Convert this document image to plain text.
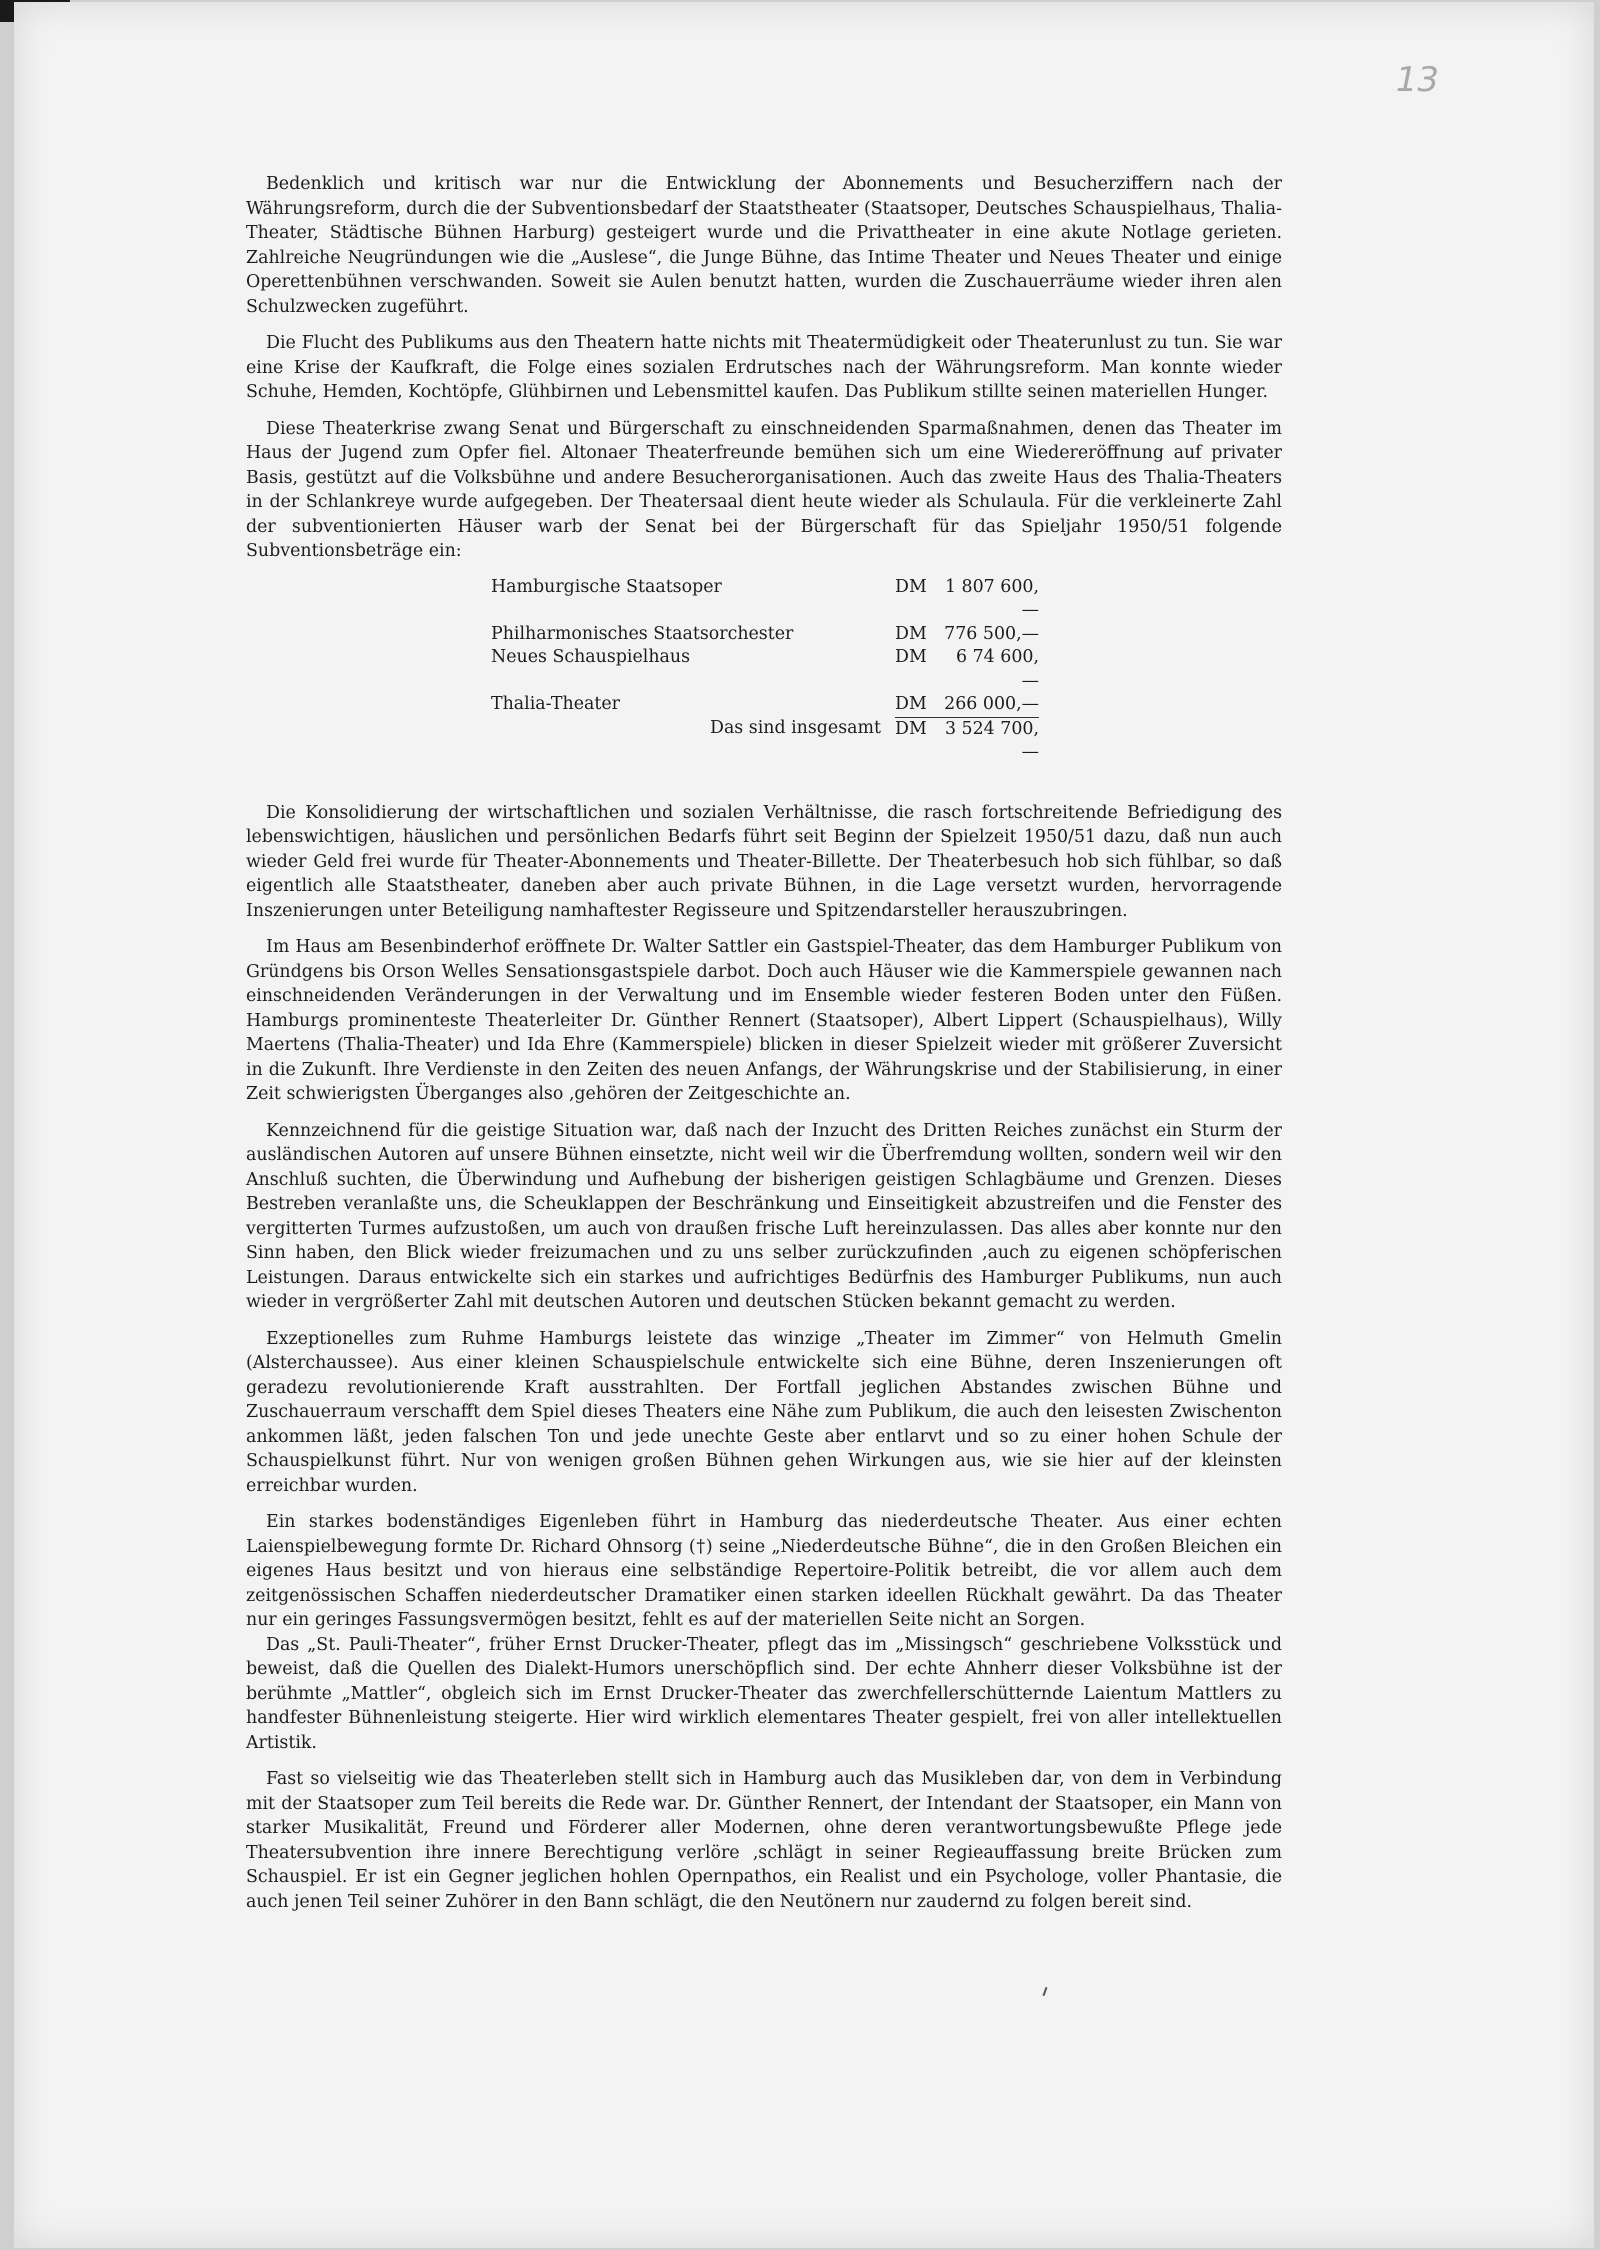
13

Bedenklich und kritisch war nur die Entwicklung der Abonnements und Besucherziffern nach der Währungsreform, durch die der Subventionsbedarf der Staatstheater (Staatsoper, Deutsches Schauspielhaus, Thalia-Theater, Städtische Bühnen Harburg) gesteigert wurde und die Privattheater in eine akute Notlage gerieten. Zahlreiche Neugründungen wie die „Auslese“, die Junge Bühne, das Intime Theater und Neues Theater und einige Operettenbühnen verschwanden. Soweit sie Aulen benutzt hatten, wurden die Zuschauerräume wieder ihren alen Schulzwecken zugeführt.

Die Flucht des Publikums aus den Theatern hatte nichts mit Theatermüdigkeit oder Theaterunlust zu tun. Sie war eine Krise der Kaufkraft, die Folge eines sozialen Erdrutsches nach der Währungsreform. Man konnte wieder Schuhe, Hemden, Kochtöpfe, Glühbirnen und Lebensmittel kaufen. Das Publikum stillte seinen materiellen Hunger.

Diese Theaterkrise zwang Senat und Bürgerschaft zu einschneidenden Sparmaßnahmen, denen das Theater im Haus der Jugend zum Opfer fiel. Altonaer Theaterfreunde bemühen sich um eine Wiedereröffnung auf privater Basis, gestützt auf die Volksbühne und andere Besucherorganisationen. Auch das zweite Haus des Thalia-Theaters in der Schlankreye wurde aufgegeben. Der Theatersaal dient heute wieder als Schulaula. Für die verkleinerte Zahl der subventionierten Häuser warb der Senat bei der Bürgerschaft für das Spieljahr 1950/51 folgende Subventionsbeträge ein:

Hamburgische Staatsoper	DM	1 807 600,—
Philharmonisches Staatsorchester	DM	776 500,—
Neues Schauspielhaus	DM	6 74 600,—
Thalia-Theater	DM	266 000,—
Das sind insgesamt	DM	3 524 700,—

Die Konsolidierung der wirtschaftlichen und sozialen Verhältnisse, die rasch fortschreitende Befriedigung des lebenswichtigen, häuslichen und persönlichen Bedarfs führt seit Beginn der Spielzeit 1950/51 dazu, daß nun auch wieder Geld frei wurde für Theater-Abonnements und Theater-Billette. Der Theaterbesuch hob sich fühlbar, so daß eigentlich alle Staatstheater, daneben aber auch private Bühnen, in die Lage versetzt wurden, hervorragende Inszenierungen unter Beteiligung namhaftester Regisseure und Spitzendarsteller herauszubringen.

Im Haus am Besenbinderhof eröffnete Dr. Walter Sattler ein Gastspiel-Theater, das dem Hamburger Publikum von Gründgens bis Orson Welles Sensationsgastspiele darbot. Doch auch Häuser wie die Kammerspiele gewannen nach einschneidenden Veränderungen in der Verwaltung und im Ensemble wieder festeren Boden unter den Füßen. Hamburgs prominenteste Theaterleiter Dr. Günther Rennert (Staatsoper), Albert Lippert (Schauspielhaus), Willy Maertens (Thalia-Theater) und Ida Ehre (Kammerspiele) blicken in dieser Spielzeit wieder mit größerer Zuversicht in die Zukunft. Ihre Verdienste in den Zeiten des neuen Anfangs, der Währungskrise und der Stabilisierung, in einer Zeit schwierigsten Überganges also ‚gehören der Zeitgeschichte an.

Kennzeichnend für die geistige Situation war, daß nach der Inzucht des Dritten Reiches zunächst ein Sturm der ausländischen Autoren auf unsere Bühnen einsetzte, nicht weil wir die Überfremdung wollten, sondern weil wir den Anschluß suchten, die Überwindung und Aufhebung der bisherigen geistigen Schlagbäume und Grenzen. Dieses Bestreben veranlaßte uns, die Scheuklappen der Beschränkung und Einseitigkeit abzustreifen und die Fenster des vergitterten Turmes aufzustoßen, um auch von draußen frische Luft hereinzulassen. Das alles aber konnte nur den Sinn haben, den Blick wieder freizumachen und zu uns selber zurückzufinden ‚auch zu eigenen schöpferischen Leistungen. Daraus entwickelte sich ein starkes und aufrichtiges Bedürfnis des Hamburger Publikums, nun auch wieder in vergrößerter Zahl mit deutschen Autoren und deutschen Stücken bekannt gemacht zu werden.

Exzeptionelles zum Ruhme Hamburgs leistete das winzige „Theater im Zimmer“ von Helmuth Gmelin (Alsterchaussee). Aus einer kleinen Schauspielschule entwickelte sich eine Bühne, deren Inszenierungen oft geradezu revolutionierende Kraft ausstrahlten. Der Fortfall jeglichen Abstandes zwischen Bühne und Zuschauerraum verschafft dem Spiel dieses Theaters eine Nähe zum Publikum, die auch den leisesten Zwischenton ankommen läßt, jeden falschen Ton und jede unechte Geste aber entlarvt und so zu einer hohen Schule der Schauspielkunst führt. Nur von wenigen großen Bühnen gehen Wirkungen aus, wie sie hier auf der kleinsten erreichbar wurden.

Ein starkes bodenständiges Eigenleben führt in Hamburg das niederdeutsche Theater. Aus einer echten Laienspielbewegung formte Dr. Richard Ohnsorg (†) seine „Niederdeutsche Bühne“, die in den Großen Bleichen ein eigenes Haus besitzt und von hieraus eine selbständige Repertoire-Politik betreibt, die vor allem auch dem zeitgenössischen Schaffen niederdeutscher Dramatiker einen starken ideellen Rückhalt gewährt. Da das Theater nur ein geringes Fassungsvermögen besitzt, fehlt es auf der materiellen Seite nicht an Sorgen.

Das „St. Pauli-Theater“, früher Ernst Drucker-Theater, pflegt das im „Missingsch“ geschriebene Volksstück und beweist, daß die Quellen des Dialekt-Humors unerschöpflich sind. Der echte Ahnherr dieser Volksbühne ist der berühmte „Mattler“, obgleich sich im Ernst Drucker-Theater das zwerchfellerschütternde Laientum Mattlers zu handfester Bühnenleistung steigerte. Hier wird wirklich elementares Theater gespielt, frei von aller intellektuellen Artistik.

Fast so vielseitig wie das Theaterleben stellt sich in Hamburg auch das Musikleben dar, von dem in Verbindung mit der Staatsoper zum Teil bereits die Rede war. Dr. Günther Rennert, der Intendant der Staatsoper, ein Mann von starker Musikalität, Freund und Förderer aller Modernen, ohne deren verantwortungsbewußte Pflege jede Theatersubvention ihre innere Berechtigung verlöre ‚schlägt in seiner Regieauffassung breite Brücken zum Schauspiel. Er ist ein Gegner jeglichen hohlen Opernpathos, ein Realist und ein Psychologe, voller Phantasie, die auch jenen Teil seiner Zuhörer in den Bann schlägt, die den Neutönern nur zaudernd zu folgen bereit sind.
